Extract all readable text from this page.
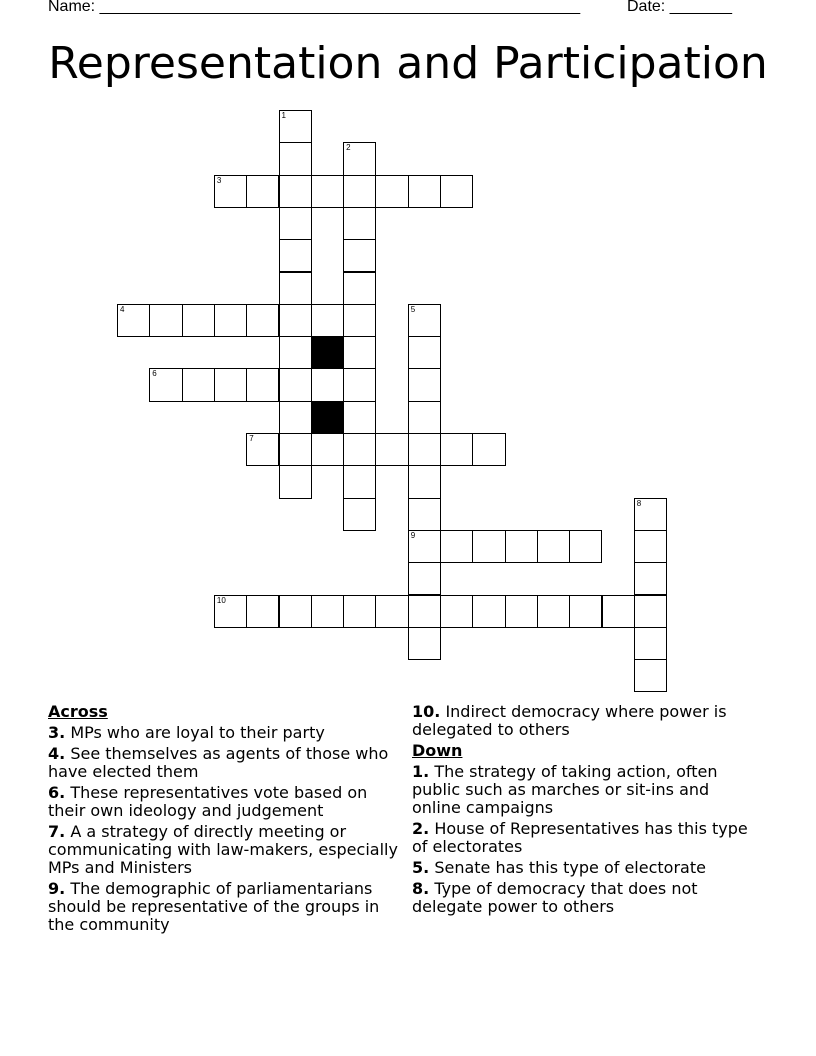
Name: ______________________________________________________	Date: _______
Representation and Participation
1
2
3
4	5
6
7
8
9
10
Across
3. MPs who are loyal to their party
4. See themselves as agents of those who have elected them
6. These representatives vote based on their own ideology and judgement
7. A a strategy of directly meeting or communicating with law-makers, especially MPs and Ministers
9. The demographic of parliamentarians should be representative of the groups in the community
10. Indirect democracy where power is delegated to others
Down
1. The strategy of taking action, often public such as marches or sit-ins and online campaigns
2. House of Representatives has this type of electorates
5. Senate has this type of electorate
8. Type of democracy that does not delegate power to others
